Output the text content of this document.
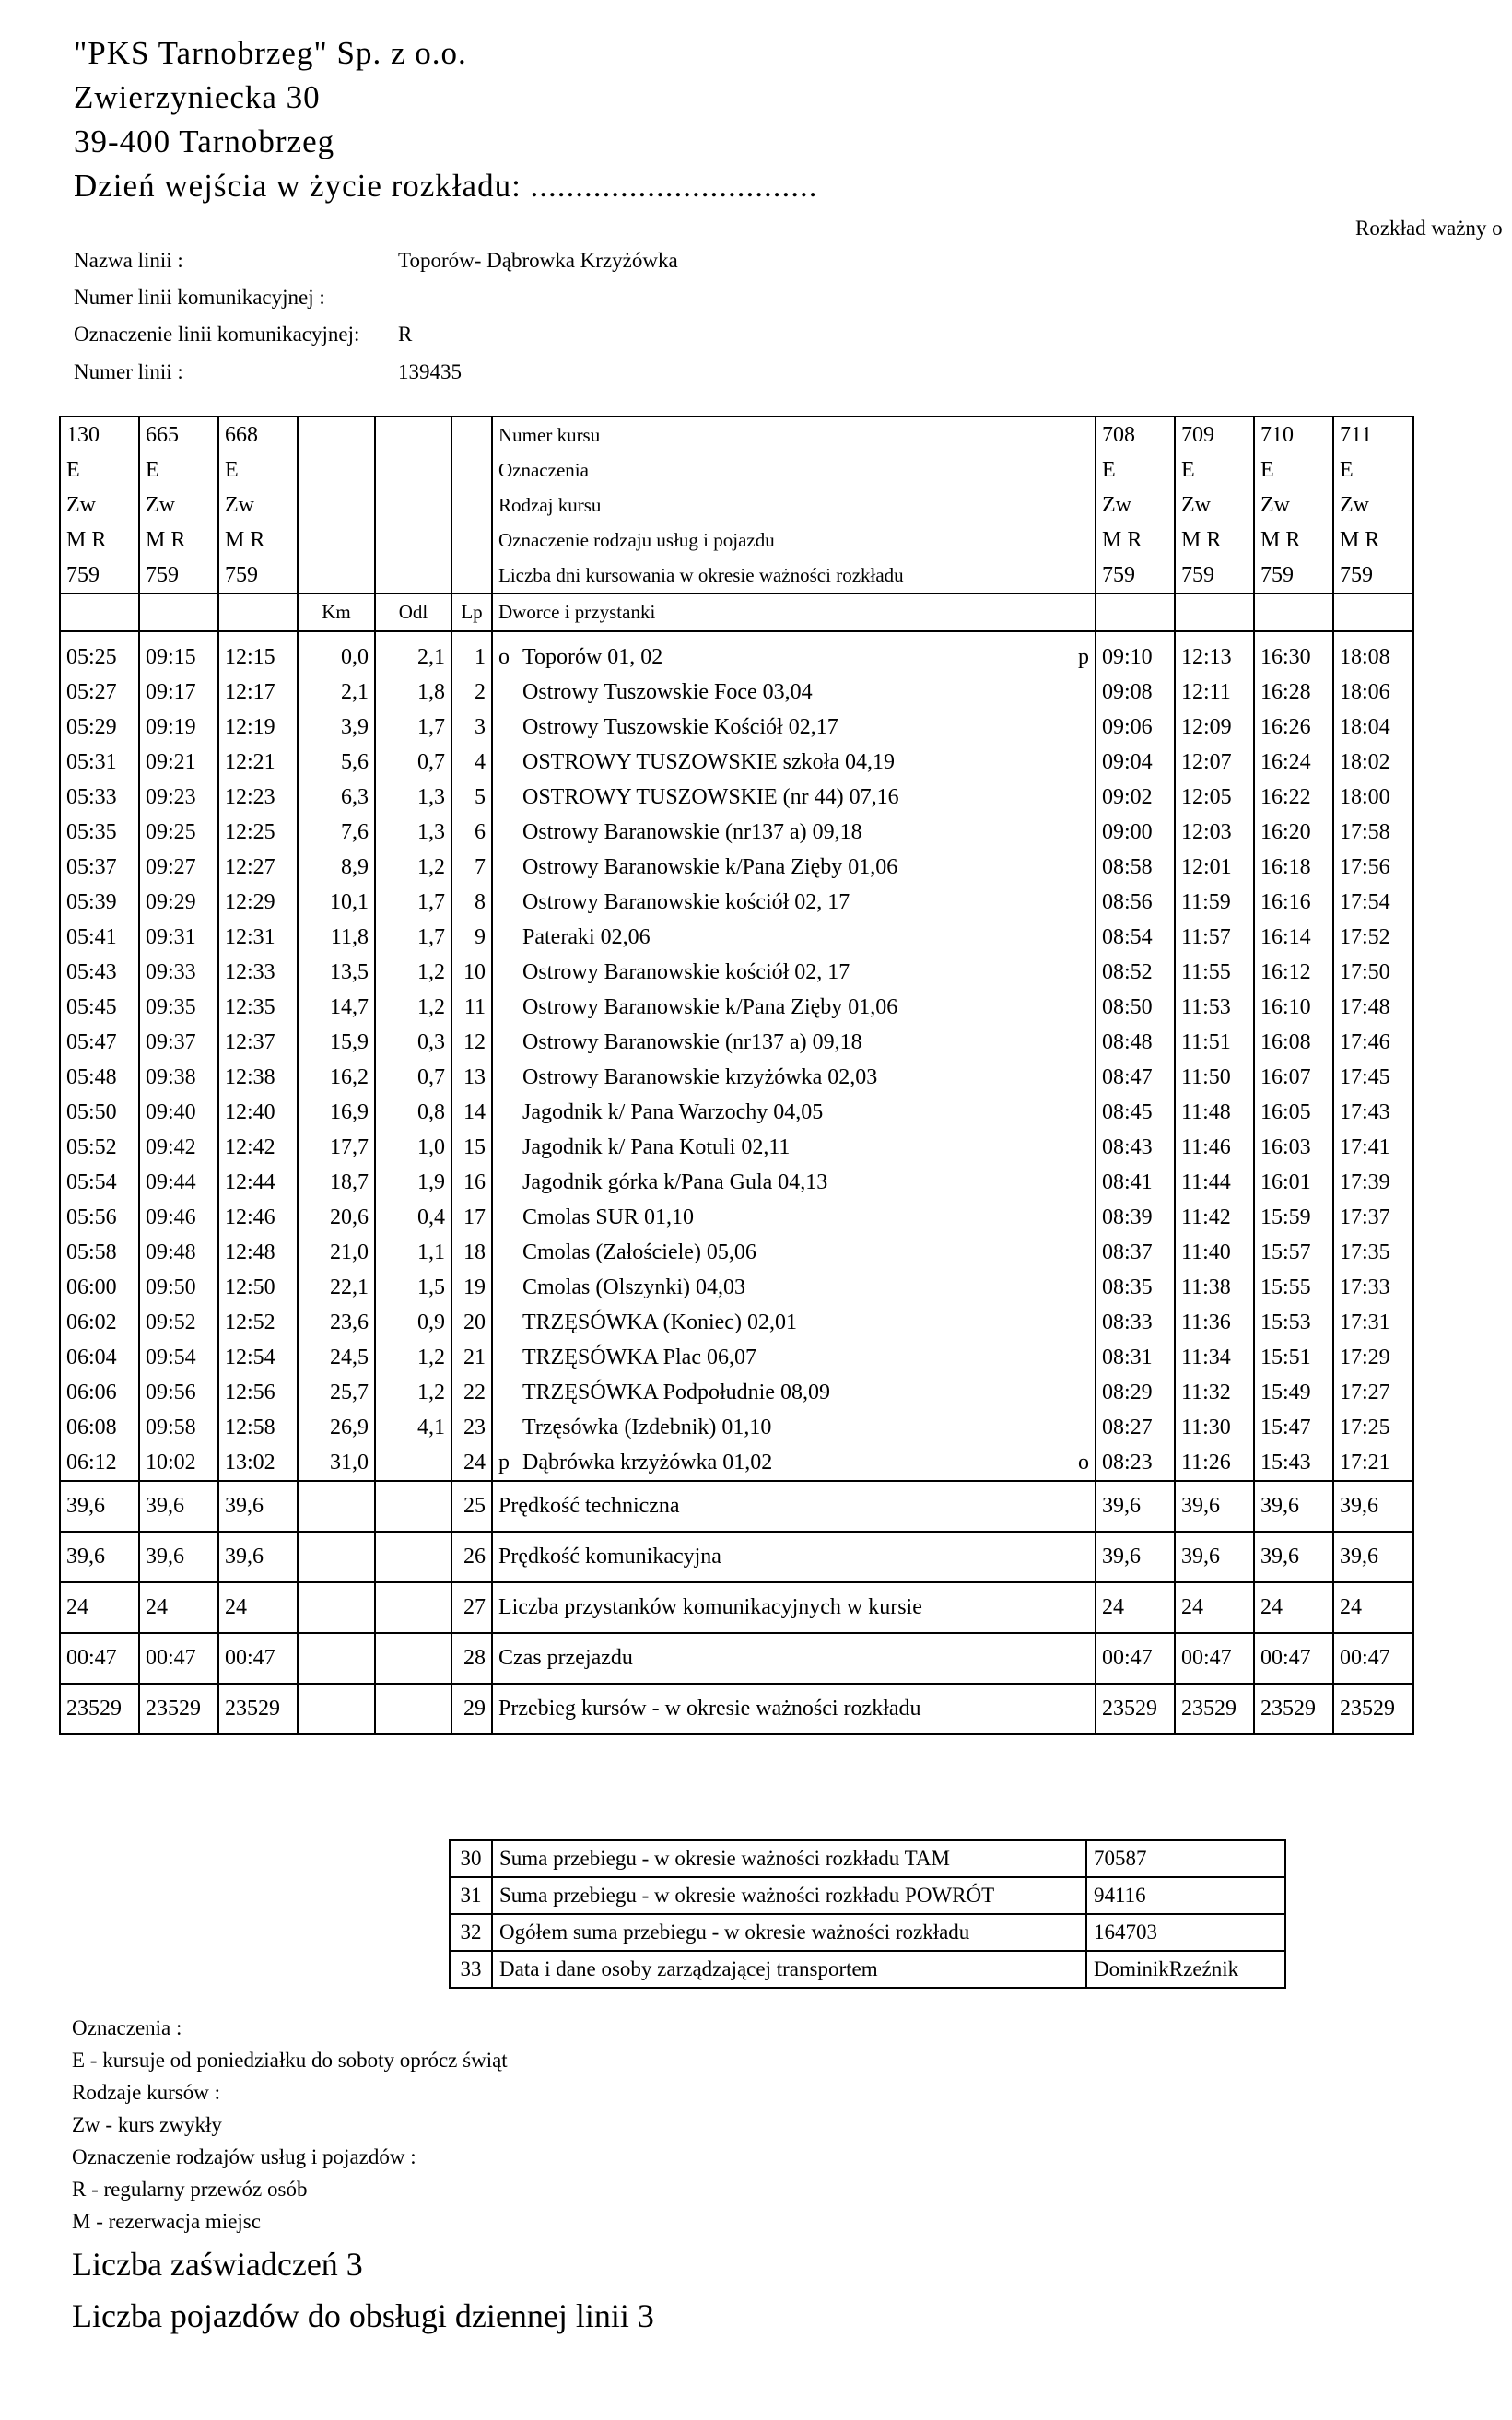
"PKS Tarnobrzeg" Sp. z o.o.
Zwierzyniecka 30
39-400 Tarnobrzeg
Dzień wejścia w życie rozkładu: ................................
Rozkład ważny o
Nazwa linii :	Toporów- Dąbrowka Krzyżówka
Numer linii komunikacyjnej :
Oznaczenie linii komunikacyjnej: R
Numer linii :	139435
130	665	668				Numer kursu	708	709	710	711
E	E	E				Oznaczenia	E	E	E	E
Zw	Zw	Zw				Rodzaj kursu	Zw	Zw	Zw	Zw
M R	M R	M R				Oznaczenie rodzaju usług i pojazdu	M R	M R	M R	M R
759	759	759				Liczba dni kursowania w okresie ważności rozkładu	759	759	759	759
			Km	Odl	Lp	Dworce i przystanki				

05:25	09:15	12:15	0,0	2,1	1	o Toporów 01, 02 p	09:10	12:13	16:30	18:08
05:27	09:17	12:17	2,1	1,8	2	Ostrowy Tuszowskie Foce 03,04	09:08	12:11	16:28	18:06
05:29	09:19	12:19	3,9	1,7	3	Ostrowy Tuszowskie Kościół 02,17	09:06	12:09	16:26	18:04
05:31	09:21	12:21	5,6	0,7	4	OSTROWY TUSZOWSKIE szkoła 04,19	09:04	12:07	16:24	18:02
05:33	09:23	12:23	6,3	1,3	5	OSTROWY TUSZOWSKIE (nr 44) 07,16	09:02	12:05	16:22	18:00
05:35	09:25	12:25	7,6	1,3	6	Ostrowy Baranowskie (nr137 a) 09,18	09:00	12:03	16:20	17:58
05:37	09:27	12:27	8,9	1,2	7	Ostrowy Baranowskie k/Pana Zięby 01,06	08:58	12:01	16:18	17:56
05:39	09:29	12:29	10,1	1,7	8	Ostrowy Baranowskie kościół 02, 17	08:56	11:59	16:16	17:54
05:41	09:31	12:31	11,8	1,7	9	Pateraki 02,06	08:54	11:57	16:14	17:52
05:43	09:33	12:33	13,5	1,2	10	Ostrowy Baranowskie kościół 02, 17	08:52	11:55	16:12	17:50
05:45	09:35	12:35	14,7	1,2	11	Ostrowy Baranowskie k/Pana Zięby 01,06	08:50	11:53	16:10	17:48
05:47	09:37	12:37	15,9	0,3	12	Ostrowy Baranowskie (nr137 a) 09,18	08:48	11:51	16:08	17:46
05:48	09:38	12:38	16,2	0,7	13	Ostrowy Baranowskie krzyżówka 02,03	08:47	11:50	16:07	17:45
05:50	09:40	12:40	16,9	0,8	14	Jagodnik k/ Pana Warzochy 04,05	08:45	11:48	16:05	17:43
05:52	09:42	12:42	17,7	1,0	15	Jagodnik k/ Pana Kotuli 02,11	08:43	11:46	16:03	17:41
05:54	09:44	12:44	18,7	1,9	16	Jagodnik górka k/Pana Gula 04,13	08:41	11:44	16:01	17:39
05:56	09:46	12:46	20,6	0,4	17	Cmolas SUR 01,10	08:39	11:42	15:59	17:37
05:58	09:48	12:48	21,0	1,1	18	Cmolas (Załościele) 05,06	08:37	11:40	15:57	17:35
06:00	09:50	12:50	22,1	1,5	19	Cmolas (Olszynki) 04,03	08:35	11:38	15:55	17:33
06:02	09:52	12:52	23,6	0,9	20	TRZĘSÓWKA (Koniec) 02,01	08:33	11:36	15:53	17:31
06:04	09:54	12:54	24,5	1,2	21	TRZĘSÓWKA Plac 06,07	08:31	11:34	15:51	17:29
06:06	09:56	12:56	25,7	1,2	22	TRZĘSÓWKA Podpołudnie 08,09	08:29	11:32	15:49	17:27
06:08	09:58	12:58	26,9	4,1	23	Trzęsówka (Izdebnik) 01,10	08:27	11:30	15:47	17:25
06:12	10:02	13:02	31,0		24	p Dąbrówka krzyżówka 01,02 o	08:23	11:26	15:43	17:21
39,6	39,6	39,6			25	Prędkość techniczna	39,6	39,6	39,6	39,6
39,6	39,6	39,6			26	Prędkość komunikacyjna	39,6	39,6	39,6	39,6
24	24	24			27	Liczba przystanków komunikacyjnych w kursie	24	24	24	24
00:47	00:47	00:47			28	Czas przejazdu	00:47	00:47	00:47	00:47
23529	23529	23529			29	Przebieg kursów - w okresie ważności rozkładu	23529	23529	23529	23529
30	Suma przebiegu - w okresie ważności rozkładu TAM	70587
31	Suma przebiegu - w okresie ważności rozkładu POWRÓT	94116
32	Ogółem suma przebiegu - w okresie ważności rozkładu	164703
33	Data i dane osoby zarządzającej transportem	DominikRzeźnik
Oznaczenia :
E - kursuje od poniedziałku do soboty oprócz świąt
Rodzaje kursów :
Zw - kurs zwykły
Oznaczenie rodzajów usług i pojazdów :
R - regularny przewóz osób
M - rezerwacja miejsc
Liczba zaświadczeń 3
Liczba pojazdów do obsługi dziennej linii 3
